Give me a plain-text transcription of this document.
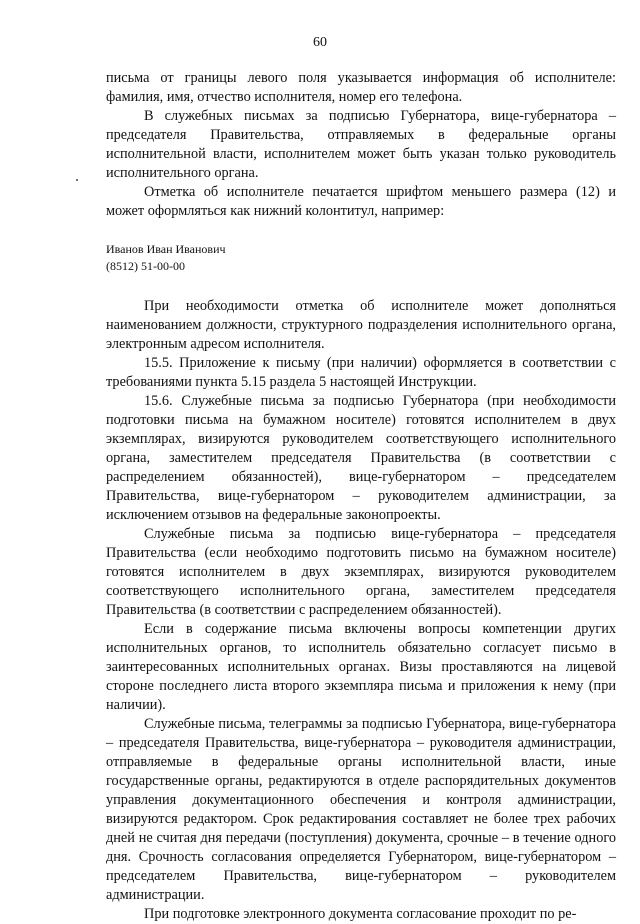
60

письма от границы левого поля указывается информация об исполнителе: фамилия, имя, отчество исполнителя, номер его телефона.

В служебных письмах за подписью Губернатора, вице-губернатора – председателя Правительства, отправляемых в федеральные органы исполнительной власти, исполнителем может быть указан только руководитель исполнительного органа.

Отметка об исполнителе печатается шрифтом меньшего размера (12) и может оформляться как нижний колонтитул, например:

Иванов Иван Иванович
(8512) 51-00-00

При необходимости отметка об исполнителе может дополняться наименованием должности, структурного подразделения исполнительного органа, электронным адресом исполнителя.

15.5. Приложение к письму (при наличии) оформляется в соответствии с требованиями пункта 5.15 раздела 5 настоящей Инструкции.

15.6. Служебные письма за подписью Губернатора (при необходимости подготовки письма на бумажном носителе) готовятся исполнителем в двух экземплярах, визируются руководителем соответствующего исполнительного органа, заместителем председателя Правительства (в соответствии с распределением обязанностей), вице-губернатором – председателем Правительства, вице-губернатором – руководителем администрации, за исключением отзывов на федеральные законопроекты.

Служебные письма за подписью вице-губернатора – председателя Правительства (если необходимо подготовить письмо на бумажном носителе) готовятся исполнителем в двух экземплярах, визируются руководителем соответствующего исполнительного органа, заместителем председателя Правительства (в соответствии с распределением обязанностей).

Если в содержание письма включены вопросы компетенции других исполнительных органов, то исполнитель обязательно согласует письмо в заинтересованных исполнительных органах. Визы проставляются на лицевой стороне последнего листа второго экземпляра письма и приложения к нему (при наличии).

Служебные письма, телеграммы за подписью Губернатора, вице-губернатора – председателя Правительства, вице-губернатора – руководителя администрации, отправляемые в федеральные органы исполнительной власти, иные государственные органы, редактируются в отделе распорядительных документов управления документационного обеспечения и контроля администрации, визируются редактором. Срок редактирования составляет не более трех рабочих дней не считая дня передачи (поступления) документа, срочные – в течение одного дня. Срочность согласования определяется Губернатором, вице-губернатором – председателем Правительства, вице-губернатором – руководителем администрации.

При подготовке электронного документа согласование проходит по ре-
